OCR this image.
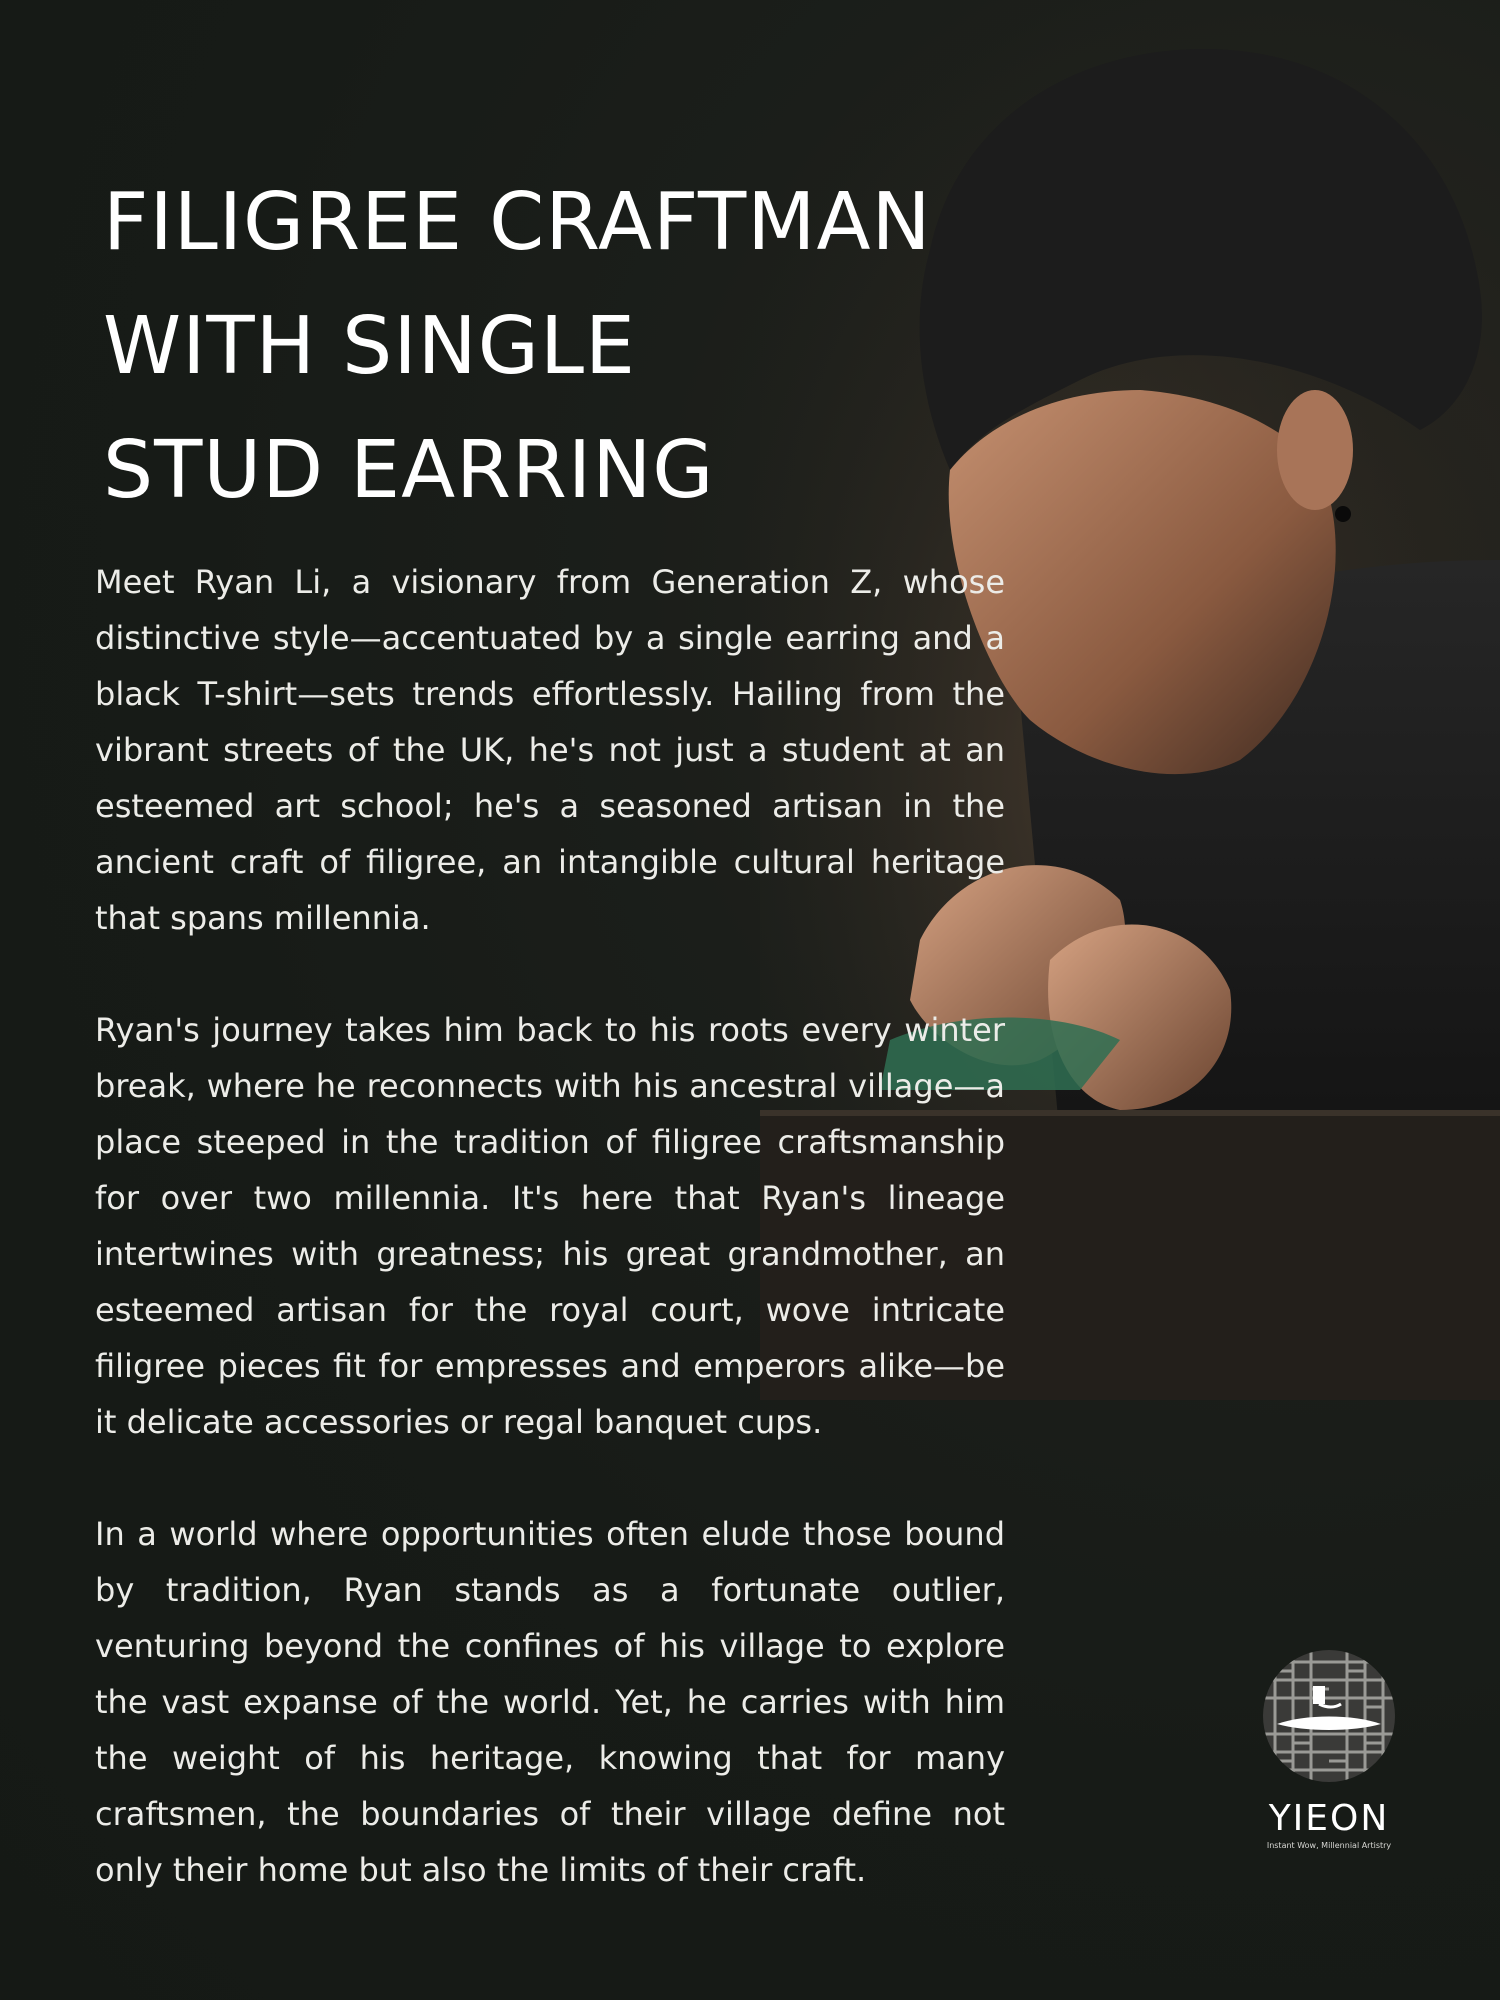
FILIGREE CRAFTMAN
WITH SINGLE
STUD EARRING

Meet Ryan Li, a visionary from Generation Z, whose distinctive style—accentuated by a single earring and a black T-shirt—sets trends effortlessly. Hailing from the vibrant streets of the UK, he's not just a student at an esteemed art school; he's a seasoned artisan in the ancient craft of filigree, an intangible cultural heritage that spans millennia.

Ryan's journey takes him back to his roots every winter break, where he reconnects with his ancestral village—a place steeped in the tradition of filigree craftsmanship for over two millennia. It's here that Ryan's lineage intertwines with greatness; his great grandmother, an esteemed artisan for the royal court, wove intricate filigree pieces fit for empresses and emperors alike—be it delicate accessories or regal banquet cups.

In a world where opportunities often elude those bound by tradition, Ryan stands as a fortunate outlier, venturing beyond the confines of his village to explore the vast expanse of the world. Yet, he carries with him the weight of his heritage, knowing that for many craftsmen, the boundaries of their village define not only their home but also the limits of their craft.

YIEON
Instant Wow, Millennial Artistry
